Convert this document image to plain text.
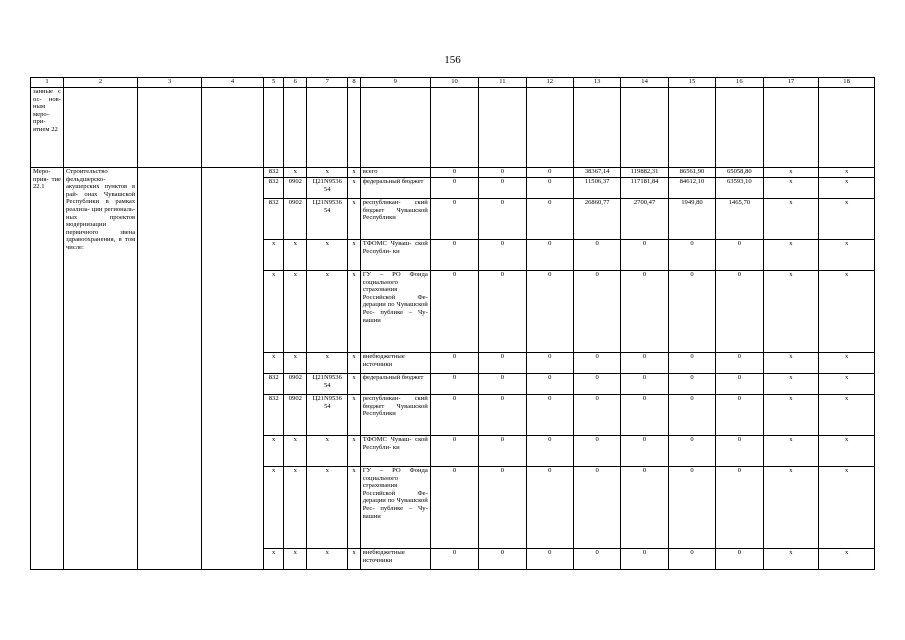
156
1	2	3	4	5	6	7	8	9	10	11	12	13	14	15	16	17	18
занные с ос- нов- ным меро- при- ятием 22																	
Меро- прия- тие 22.1	Строительство фельдшерско-акушерских пунктов в рай- онах Чувашской Республики в рамках реализа- ции региональ- ных проектов модернизации первичного звена здравоохранения, в том числе:			832	x	x	x	всего	0	0	0	38367,14	119882,31	86561,90	65058,80	x	x
				832	0902	Ц21N9536 54	x	федеральный бюджет	0	0	0	11506,37	117181,84	84612,10	63593,10	x	x
				832	0902	Ц21N9536 54	x	республикан- ский бюджет Чувашской Республики	0	0	0	26860,77	2700,47	1949,80	1465,70	x	x
				x	x	x	x	ТФОМС Чуваш- ской Республи- ки	0	0	0	0	0	0	0	x	x
				x	x	x	x	ГУ – РО Фонда социального страхования Российской Фе- дерации по Чувашской Рес- публике – Чу- вашии	0	0	0	0	0	0	0	x	x
				x	x	x	x	внебюджетные источники	0	0	0	0	0	0	0	x	x
				832	0902	Ц21N9536 54	x	федеральный бюджет	0	0	0	0	0	0	0	x	x
				832	0902	Ц21N9536 54	x	республикан- ский бюджет Чувашской Республики	0	0	0	0	0	0	0	x	x
				x	x	x	x	ТФОМС Чуваш- ской Республи- ки	0	0	0	0	0	0	0	x	x
				x	x	x	x	ГУ – РО Фонда социального страхования Российской Фе- дерации по Чувашской Рес- публике – Чу- вашии	0	0	0	0	0	0	0	x	x
				x	x	x	x	внебюджетные источники	0	0	0	0	0	0	0	x	x
